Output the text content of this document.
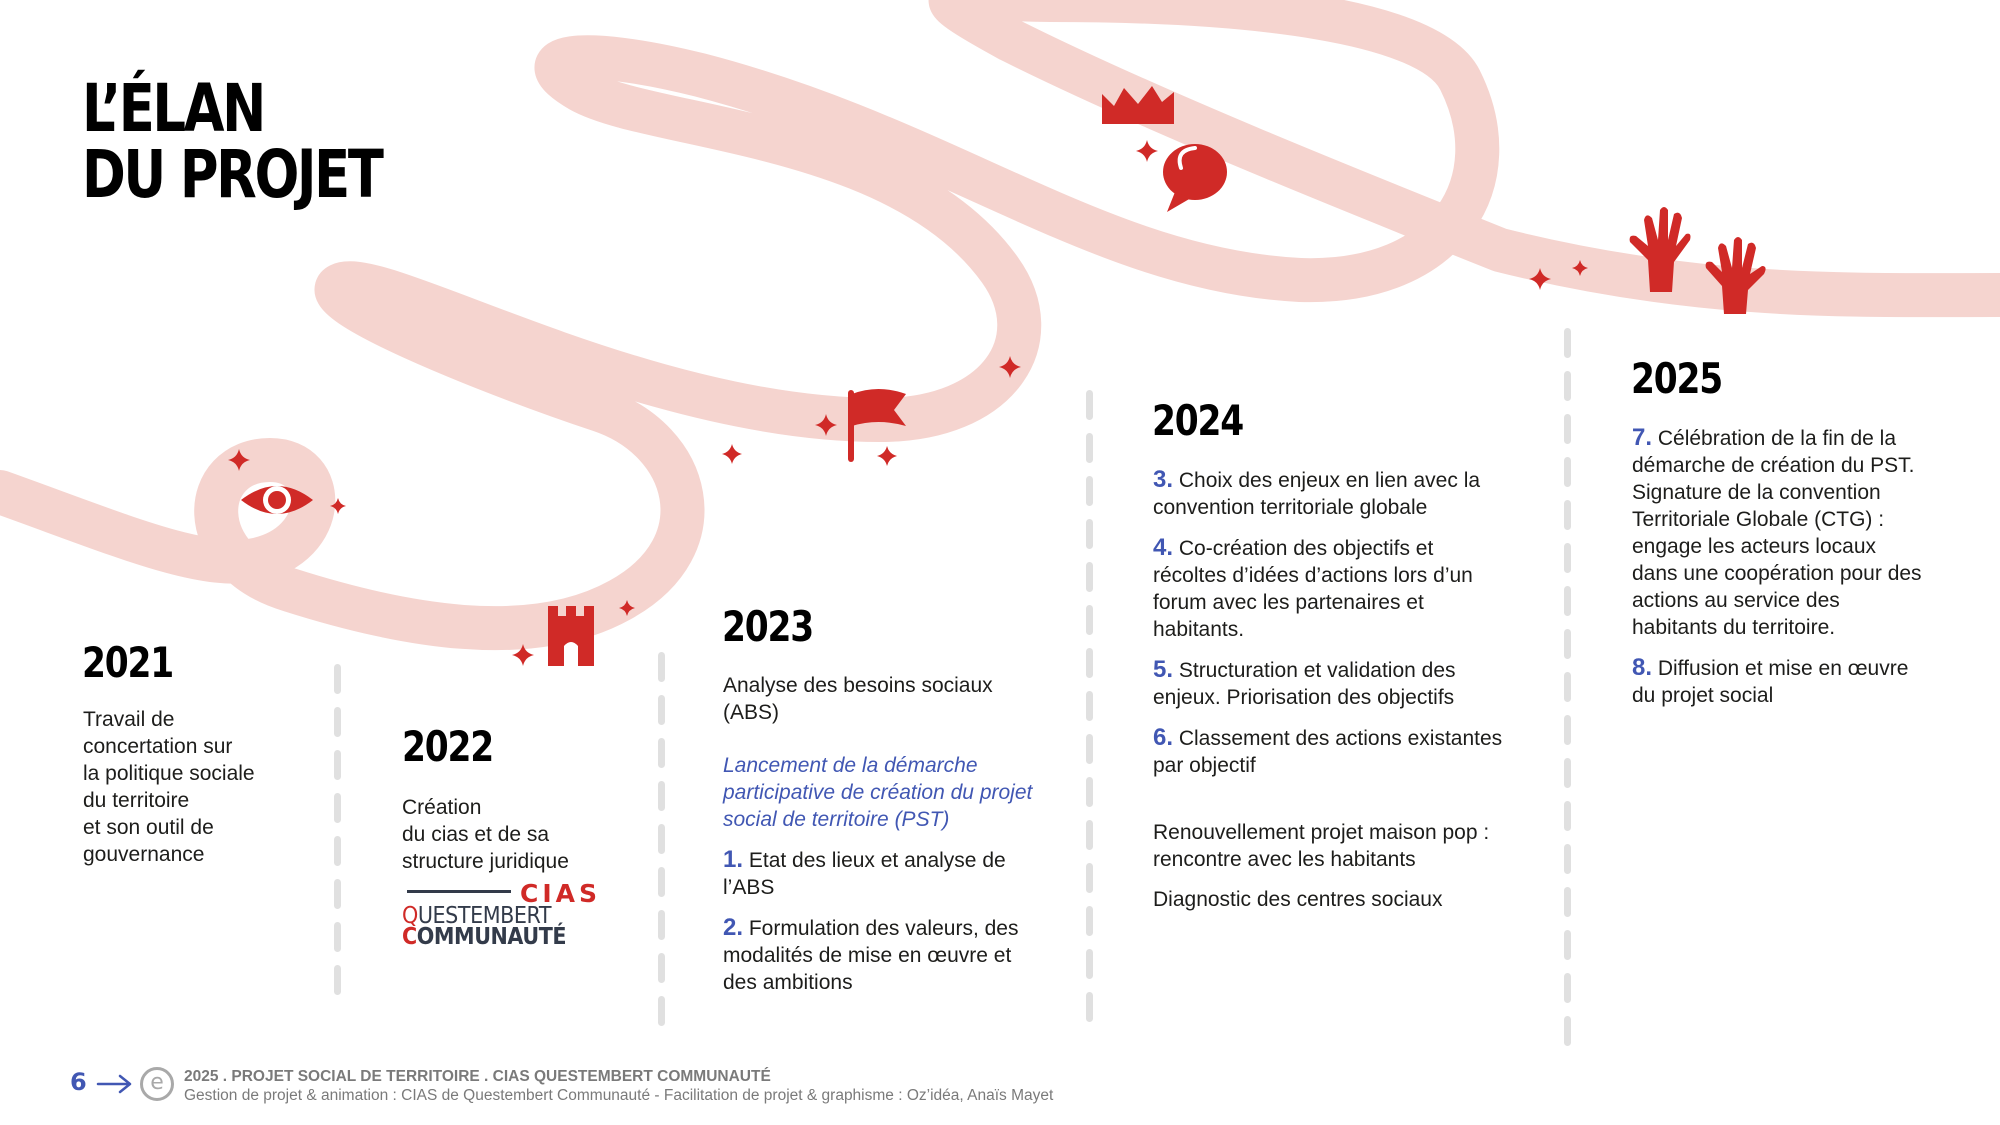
L’ÉLAN
DU PROJET
2021
Travail de
concertation sur
la politique sociale
du territoire
et son outil de
gouvernance
2022
Création
du cias et de sa
structure juridique
CIAS
QUESTEMBERT
COMMUNAUTÉ
2023

Analyse des besoins sociaux (ABS)

Lancement de la démarche participative de création du projet social de territoire (PST)

1. Etat des lieux et analyse de l’ABS

2. Formulation des valeurs, des modalités de mise en œuvre et des ambitions

2024

3. Choix des enjeux en lien avec la convention territoriale globale

4. Co-création des objectifs et récoltes d’idées d’actions lors d’un forum avec les partenaires et habitants.

5. Structuration et validation des enjeux. Priorisation des objectifs

6. Classement des actions existantes par objectif

Renouvellement projet maison pop : rencontre avec les habitants

Diagnostic des centres sociaux

2025

7. Célébration de la fin de la démarche de création du PST.

Signature de la convention Territoriale Globale (CTG) : engage les acteurs locaux dans une coopération pour des actions au service des habitants du territoire.

8. Diffusion et mise en œuvre du projet social

6	e	2025 . PROJET SOCIAL DE TERRITOIRE . CIAS QUESTEMBERT COMMUNAUTÉ
Gestion de projet & animation : CIAS de Questembert Communauté - Facilitation de projet & graphisme : Oz’idéa, Anaïs Mayet
